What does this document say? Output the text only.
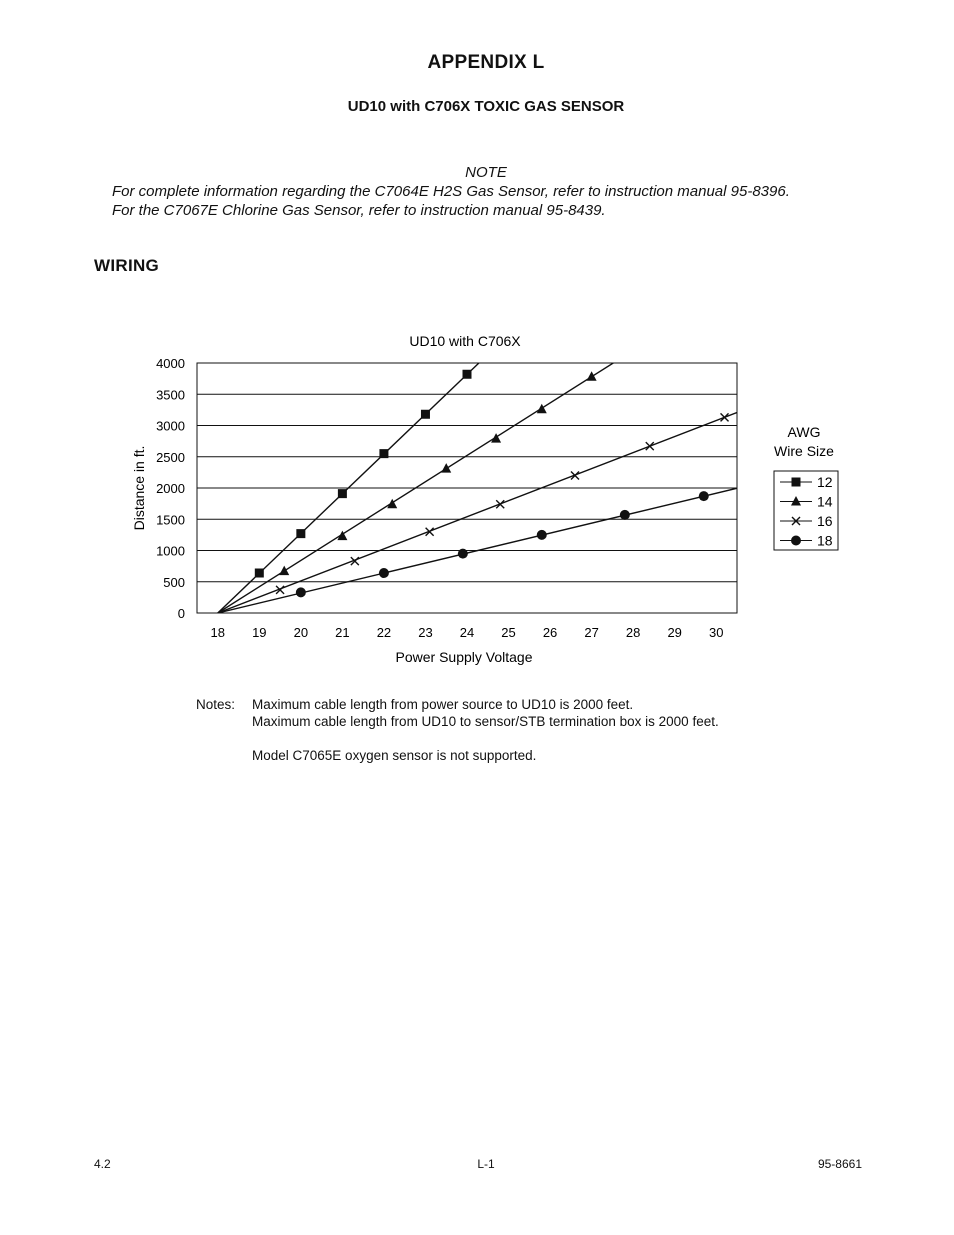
APPENDIX L
UD10 with C706X TOXIC GAS SENSOR
NOTE
For complete information regarding the C7064E H2S Gas Sensor, refer to instruction manual 95-8396.
For the C7067E Chlorine Gas Sensor, refer to instruction manual 95-8439.
WIRING
UD10 with C706X
0
500
1000
1500
2000
2500
3000
3500
4000
18 19 20 21 22 23 24 25 26 27 28 29 30
Power Supply Voltage
Distance in ft.
AWG
Wire Size
12
14
16
18
Notes: Maximum cable length from power source to UD10 is 2000 feet.
Maximum cable length from UD10 to sensor/STB termination box is 2000 feet.
Model C7065E oxygen sensor is not supported.
4.2	L-1	95-8661
